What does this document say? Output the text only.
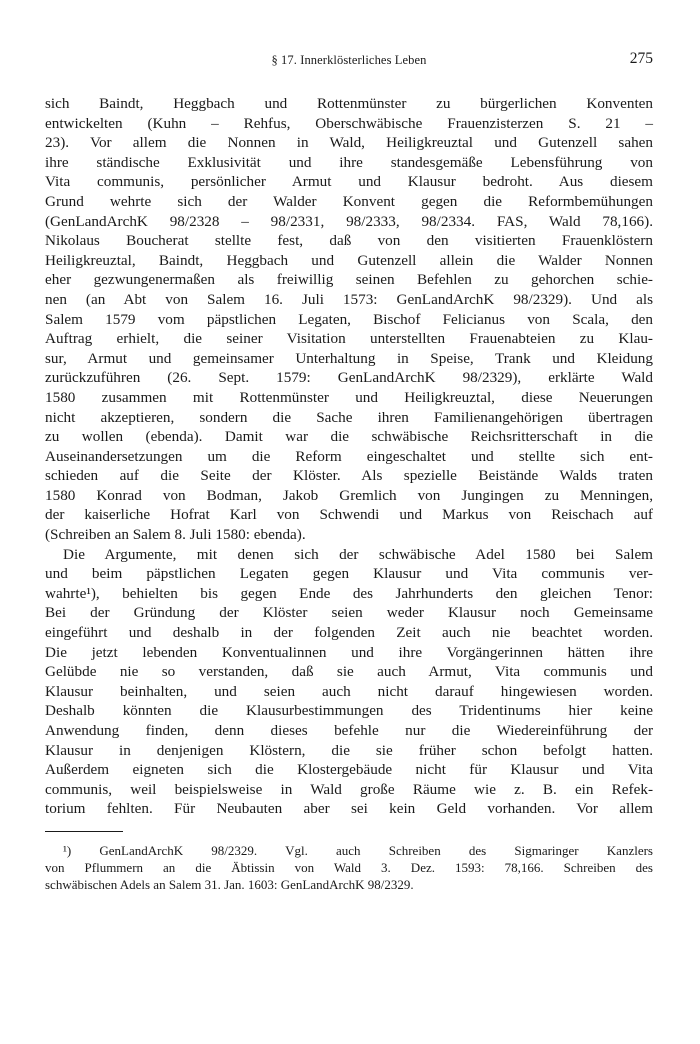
§ 17. Innerklösterliches Leben	275
sich Baindt, Heggbach und Rottenmünster zu bürgerlichen Konventen
entwickelten (Kuhn – Rehfus, Oberschwäbische Frauenzisterzen S. 21 –
23). Vor allem die Nonnen in Wald, Heiligkreuztal und Gutenzell sahen
ihre ständische Exklusivität und ihre standesgemäße Lebensführung von
Vita communis, persönlicher Armut und Klausur bedroht. Aus diesem
Grund wehrte sich der Walder Konvent gegen die Reformbemühungen
(GenLandArchK 98/2328 – 98/2331, 98/2333, 98/2334. FAS, Wald 78,166).
Nikolaus Boucherat stellte fest, daß von den visitierten Frauenklöstern
Heiligkreuztal, Baindt, Heggbach und Gutenzell allein die Walder Nonnen
eher gezwungenermaßen als freiwillig seinen Befehlen zu gehorchen schie-
nen (an Abt von Salem 16. Juli 1573: GenLandArchK 98/2329). Und als
Salem 1579 vom päpstlichen Legaten, Bischof Felicianus von Scala, den
Auftrag erhielt, die seiner Visitation unterstellten Frauenabteien zu Klau-
sur, Armut und gemeinsamer Unterhaltung in Speise, Trank und Kleidung
zurückzuführen (26. Sept. 1579: GenLandArchK 98/2329), erklärte Wald
1580 zusammen mit Rottenmünster und Heiligkreuztal, diese Neuerungen
nicht akzeptieren, sondern die Sache ihren Familienangehörigen übertragen
zu wollen (ebenda). Damit war die schwäbische Reichsritterschaft in die
Auseinandersetzungen um die Reform eingeschaltet und stellte sich ent-
schieden auf die Seite der Klöster. Als spezielle Beistände Walds traten
1580 Konrad von Bodman, Jakob Gremlich von Jungingen zu Menningen,
der kaiserliche Hofrat Karl von Schwendi und Markus von Reischach auf
(Schreiben an Salem 8. Juli 1580: ebenda).
Die Argumente, mit denen sich der schwäbische Adel 1580 bei Salem
und beim päpstlichen Legaten gegen Klausur und Vita communis ver-
wahrte¹), behielten bis gegen Ende des Jahrhunderts den gleichen Tenor:
Bei der Gründung der Klöster seien weder Klausur noch Gemeinsame
eingeführt und deshalb in der folgenden Zeit auch nie beachtet worden.
Die jetzt lebenden Konventualinnen und ihre Vorgängerinnen hätten ihre
Gelübde nie so verstanden, daß sie auch Armut, Vita communis und
Klausur beinhalten, und seien auch nicht darauf hingewiesen worden.
Deshalb könnten die Klausurbestimmungen des Tridentinums hier keine
Anwendung finden, denn dieses befehle nur die Wiedereinführung der
Klausur in denjenigen Klöstern, die sie früher schon befolgt hatten.
Außerdem eigneten sich die Klostergebäude nicht für Klausur und Vita
communis, weil beispielsweise in Wald große Räume wie z. B. ein Refek-
torium fehlten. Für Neubauten aber sei kein Geld vorhanden. Vor allem
¹) GenLandArchK 98/2329. Vgl. auch Schreiben des Sigmaringer Kanzlers
von Pflummern an die Äbtissin von Wald 3. Dez. 1593: 78,166. Schreiben des
schwäbischen Adels an Salem 31. Jan. 1603: GenLandArchK 98/2329.
